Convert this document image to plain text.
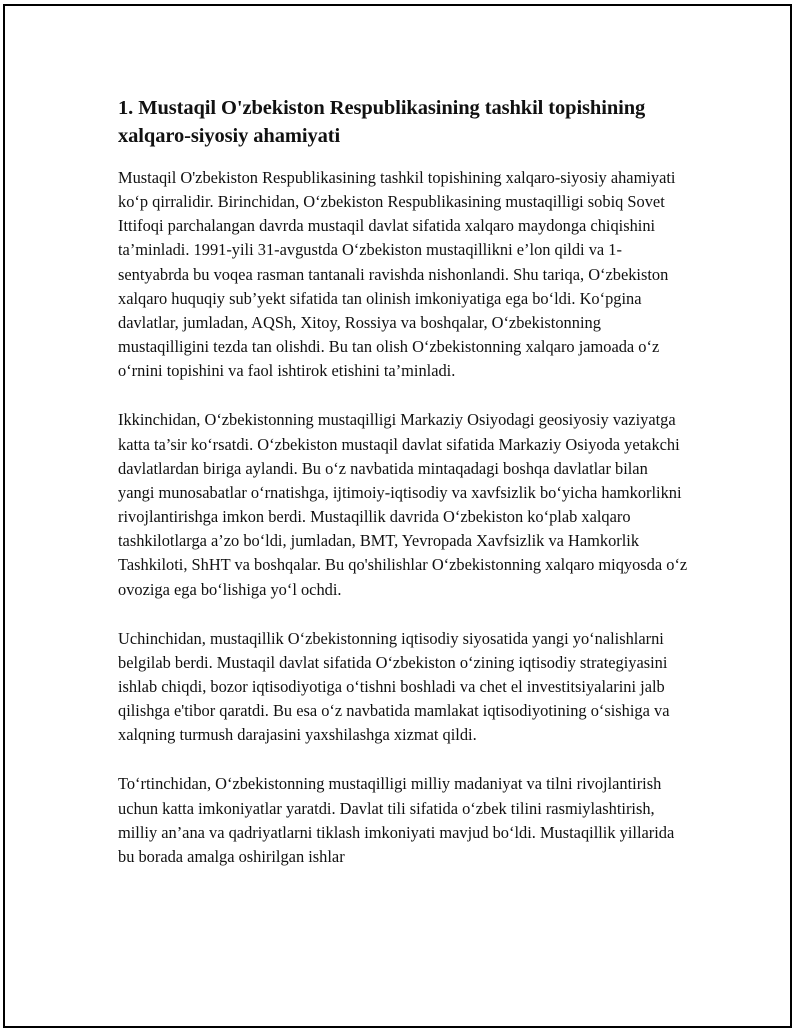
1. Mustaqil O'zbekiston Respublikasining tashkil topishining xalqaro-siyosiy ahamiyati

Mustaqil O'zbekiston Respublikasining tashkil topishining xalqaro-siyosiy ahamiyati ko‘p qirralidir. Birinchidan, O‘zbekiston Respublikasining mustaqilligi sobiq Sovet Ittifoqi parchalangan davrda mustaqil davlat sifatida xalqaro maydonga chiqishini ta’minladi. 1991-yili 31-avgustda O‘zbekiston mustaqillikni e’lon qildi va 1-sentyabrda bu voqea rasman tantanali ravishda nishonlandi. Shu tariqa, O‘zbekiston xalqaro huquqiy sub’yekt sifatida tan olinish imkoniyatiga ega bo‘ldi. Ko‘pgina davlatlar, jumladan, AQSh, Xitoy, Rossiya va boshqalar, O‘zbekistonning mustaqilligini tezda tan olishdi. Bu tan olish O‘zbekistonning xalqaro jamoada o‘z o‘rnini topishini va faol ishtirok etishini ta’minladi.

Ikkinchidan, O‘zbekistonning mustaqilligi Markaziy Osiyodagi geosiyosiy vaziyatga katta ta’sir ko‘rsatdi. O‘zbekiston mustaqil davlat sifatida Markaziy Osiyoda yetakchi davlatlardan biriga aylandi. Bu o‘z navbatida mintaqadagi boshqa davlatlar bilan yangi munosabatlar o‘rnatishga, ijtimoiy-iqtisodiy va xavfsizlik bo‘yicha hamkorlikni rivojlantirishga imkon berdi. Mustaqillik davrida O‘zbekiston ko‘plab xalqaro tashkilotlarga a’zo bo‘ldi, jumladan, BMT, Yevropada Xavfsizlik va Hamkorlik Tashkiloti, ShHT va boshqalar. Bu qo'shilishlar O‘zbekistonning xalqaro miqyosda o‘z ovoziga ega bo‘lishiga yo‘l ochdi.

Uchinchidan, mustaqillik O‘zbekistonning iqtisodiy siyosatida yangi yo‘nalishlarni belgilab berdi. Mustaqil davlat sifatida O‘zbekiston o‘zining iqtisodiy strategiyasini ishlab chiqdi, bozor iqtisodiyotiga o‘tishni boshladi va chet el investitsiyalarini jalb qilishga e'tibor qaratdi. Bu esa o‘z navbatida mamlakat iqtisodiyotining o‘sishiga va xalqning turmush darajasini yaxshilashga xizmat qildi.

To‘rtinchidan, O‘zbekistonning mustaqilligi milliy madaniyat va tilni rivojlantirish uchun katta imkoniyatlar yaratdi. Davlat tili sifatida o‘zbek tilini rasmiylashtirish, milliy an’ana va qadriyatlarni tiklash imkoniyati mavjud bo‘ldi. Mustaqillik yillarida bu borada amalga oshirilgan ishlar
